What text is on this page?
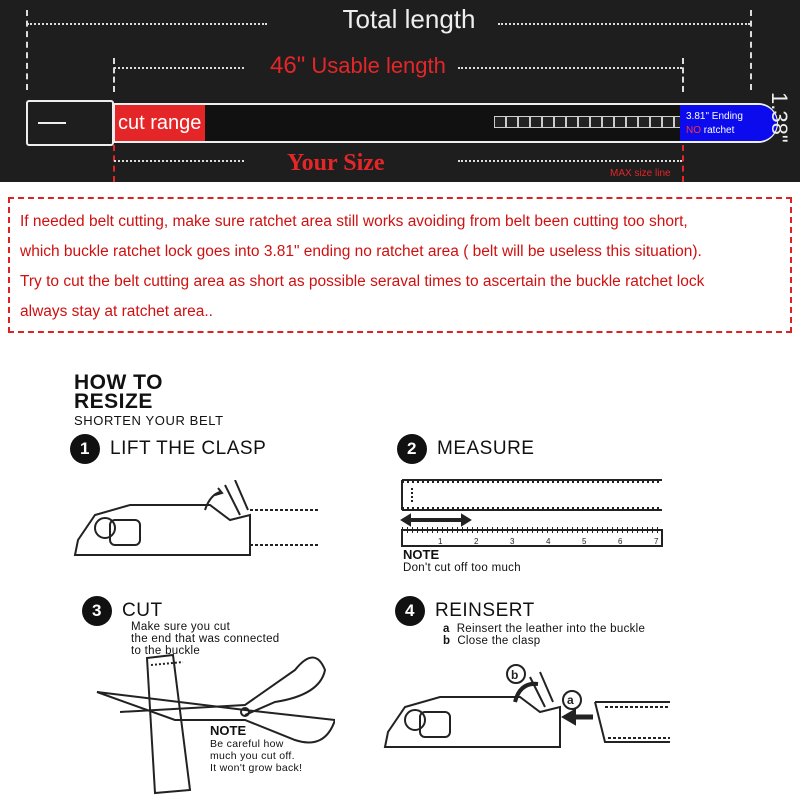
Total length
46" Usable length
cut range	3.81" Ending
NO ratchet	1.38"
Your Size	MAX size line
If needed belt cutting, make sure ratchet area still works avoiding from belt been cutting too short,
which buckle ratchet lock goes into 3.81" ending no ratchet area ( belt will be useless this situation).
Try to cut the belt cutting area as short as possible seraval times to ascertain the buckle ratchet lock
always stay at ratchet area..
HOW TO
RESIZE
SHORTEN YOUR BELT
1	LIFT THE CLASP	2	MEASURE
1	2	3	4	5	6	7
NOTE
Don't cut off too much
3	CUT
Make sure you cut
the end that was connected
to the buckle
NOTE
Be careful how
much you cut off.
It won't grow back!
4	REINSERT
a Reinsert the leather into the buckle
b Close the clasp
b
a
